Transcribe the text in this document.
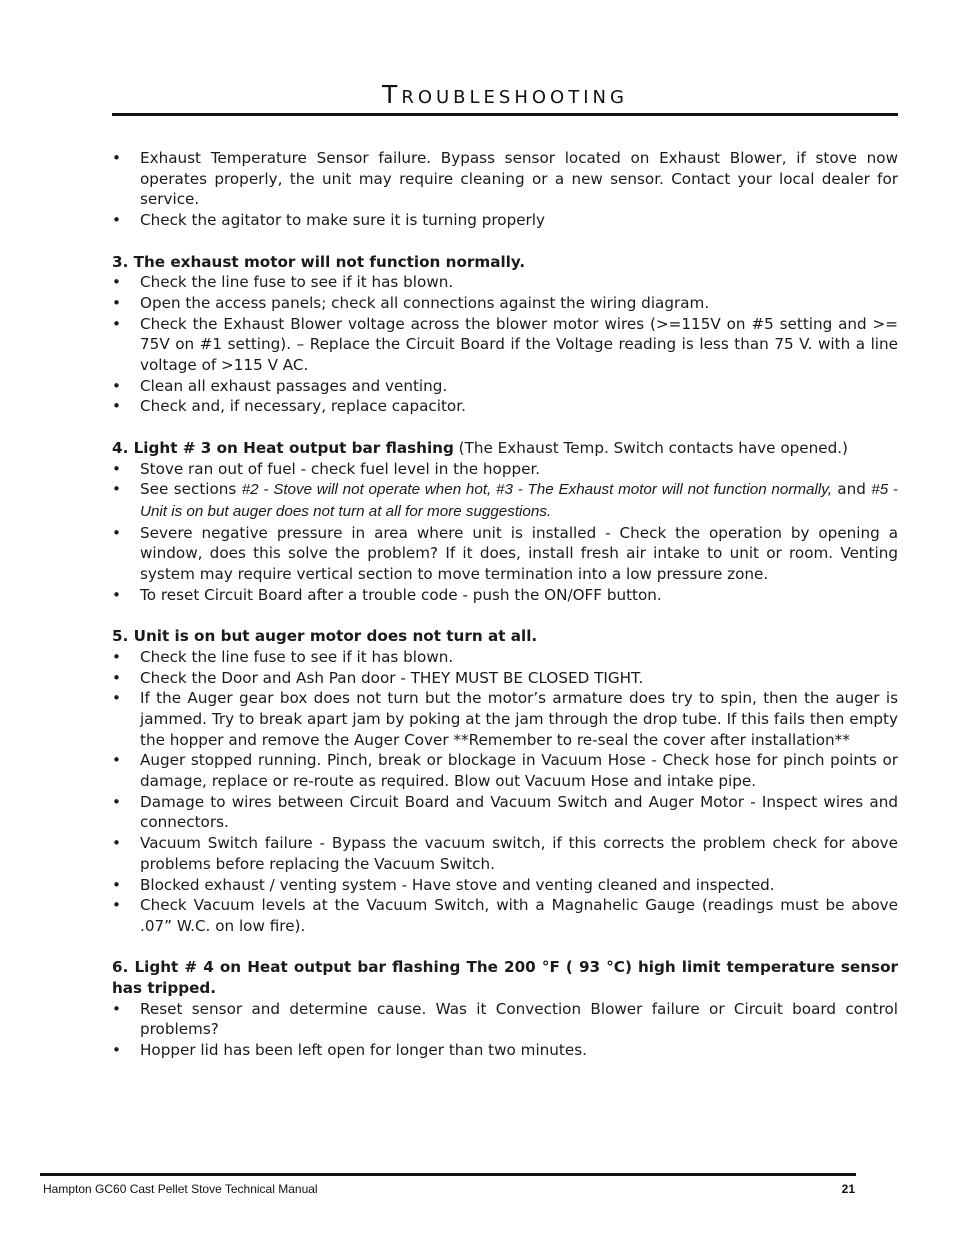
Troubleshooting
• Exhaust Temperature Sensor failure. Bypass sensor located on Exhaust Blower, if stove now operates properly, the unit may require cleaning or a new sensor. Contact your local dealer for service.
• Check the agitator to make sure it is turning properly
3. The exhaust motor will not function normally.
• Check the line fuse to see if it has blown.
• Open the access panels; check all connections against the wiring diagram.
• Check the Exhaust Blower voltage across the blower motor wires (>=115V on #5 setting and >= 75V on #1 setting). – Replace the Circuit Board if the Voltage reading is less than 75 V. with a line voltage of >115 V AC.
• Clean all exhaust passages and venting.
• Check and, if necessary, replace capacitor.
4. Light # 3 on Heat output bar flashing (The Exhaust Temp. Switch contacts have opened.)
• Stove ran out of fuel - check fuel level in the hopper.
• See sections #2 - Stove will not operate when hot, #3 - The Exhaust motor will not function normally, and #5 - Unit is on but auger does not turn at all for more suggestions.
• Severe negative pressure in area where unit is installed - Check the operation by opening a window, does this solve the problem? If it does, install fresh air intake to unit or room. Venting system may require vertical section to move termination into a low pressure zone.
• To reset Circuit Board after a trouble code - push the ON/OFF button.
5. Unit is on but auger motor does not turn at all.
• Check the line fuse to see if it has blown.
• Check the Door and Ash Pan door - THEY MUST BE CLOSED TIGHT.
• If the Auger gear box does not turn but the motor’s armature does try to spin, then the auger is jammed. Try to break apart jam by poking at the jam through the drop tube. If this fails then empty the hopper and remove the Auger Cover **Remember to re-seal the cover after installation**
• Auger stopped running. Pinch, break or blockage in Vacuum Hose - Check hose for pinch points or damage, replace or re-route as required. Blow out Vacuum Hose and intake pipe.
• Damage to wires between Circuit Board and Vacuum Switch and Auger Motor - Inspect wires and connectors.
• Vacuum Switch failure - Bypass the vacuum switch, if this corrects the problem check for above problems before replacing the Vacuum Switch.
• Blocked exhaust / venting system - Have stove and venting cleaned and inspected.
• Check Vacuum levels at the Vacuum Switch, with a Magnahelic Gauge (readings must be above .07” W.C. on low fire).
6. Light # 4 on Heat output bar flashing The 200 °F ( 93 °C) high limit temperature sensor has tripped.
• Reset sensor and determine cause. Was it Convection Blower failure or Circuit board control problems?
• Hopper lid has been left open for longer than two minutes.
Hampton GC60 Cast Pellet Stove Technical Manual	21
